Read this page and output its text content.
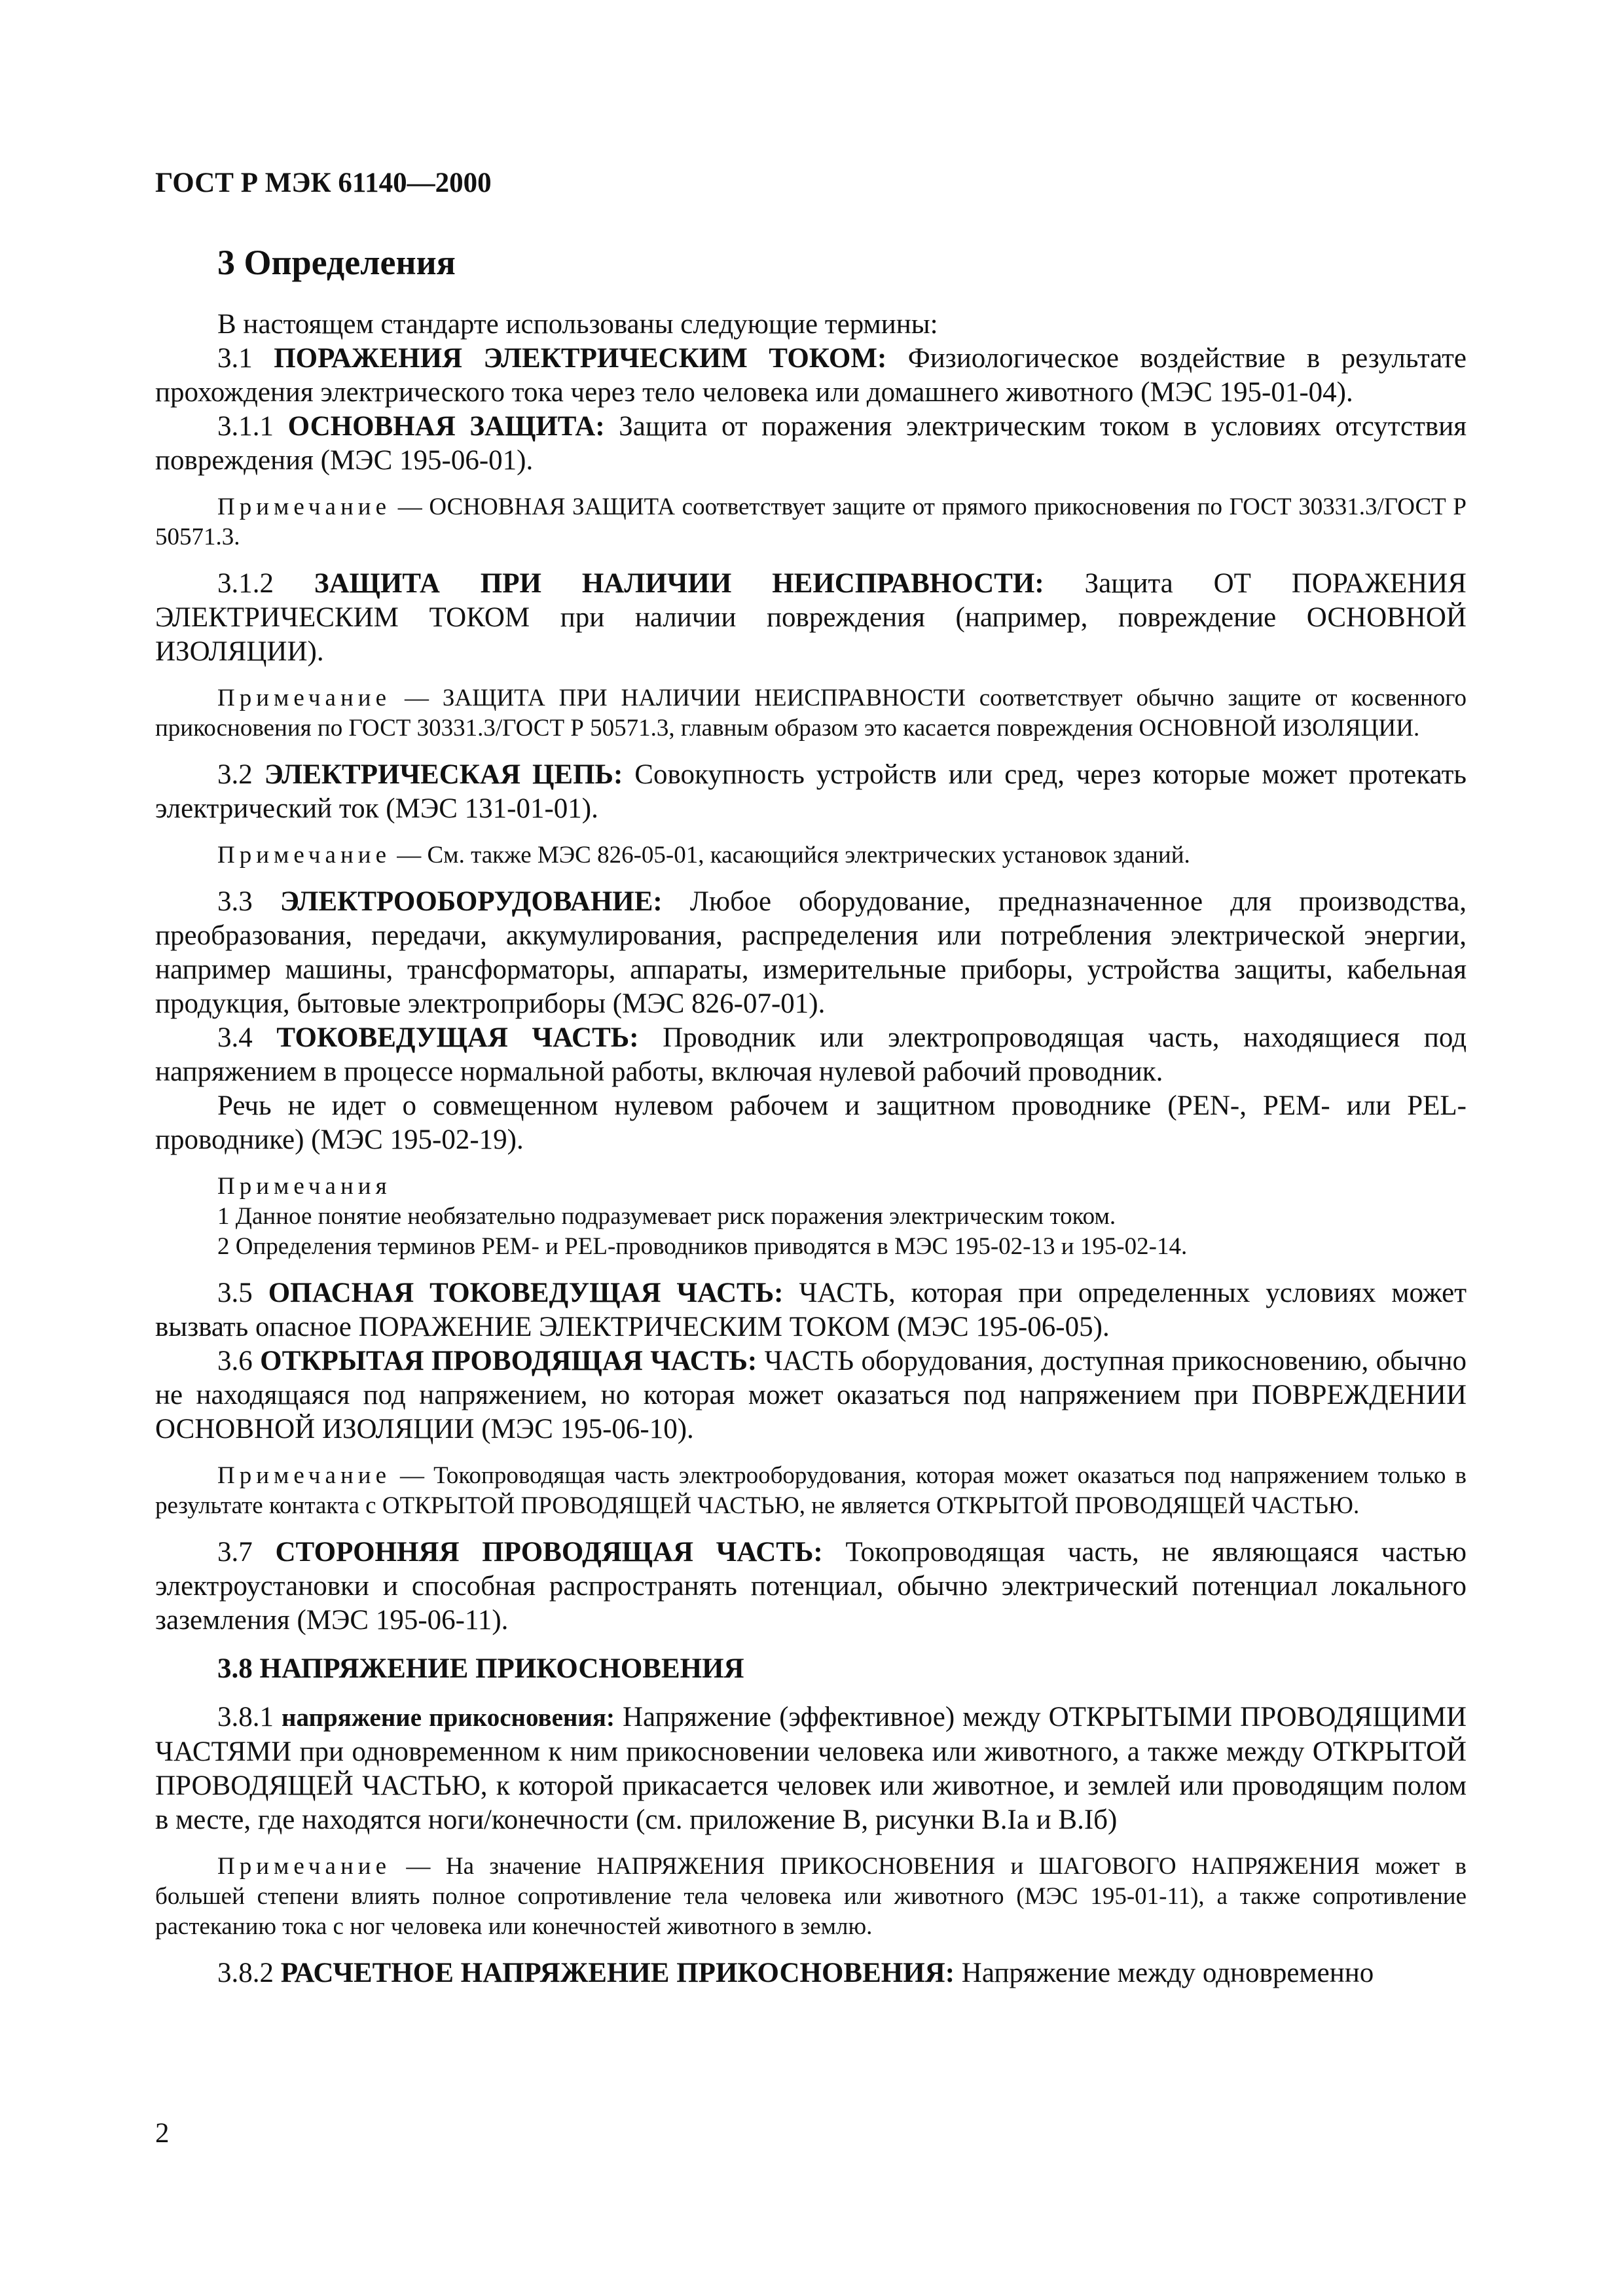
ГОСТ Р МЭК 61140—2000

3 Определения

В настоящем стандарте использованы следующие термины:

3.1 ПОРАЖЕНИЯ ЭЛЕКТРИЧЕСКИМ ТОКОМ: Физиологическое воздействие в результате прохождения электрического тока через тело человека или домашнего животного (МЭС 195-01-04).

3.1.1 ОСНОВНАЯ ЗАЩИТА: Защита от поражения электрическим током в условиях отсутствия повреждения (МЭС 195-06-01).

Примечание — ОСНОВНАЯ ЗАЩИТА соответствует защите от прямого прикосновения по ГОСТ 30331.3/ГОСТ Р 50571.3.

3.1.2 ЗАЩИТА ПРИ НАЛИЧИИ НЕИСПРАВНОСТИ: Защита ОТ ПОРАЖЕНИЯ ЭЛЕКТРИЧЕСКИМ ТОКОМ при наличии повреждения (например, повреждение ОСНОВНОЙ ИЗОЛЯЦИИ).

Примечание — ЗАЩИТА ПРИ НАЛИЧИИ НЕИСПРАВНОСТИ соответствует обычно защите от косвенного прикосновения по ГОСТ 30331.3/ГОСТ Р 50571.3, главным образом это касается повреждения ОСНОВНОЙ ИЗОЛЯЦИИ.

3.2 ЭЛЕКТРИЧЕСКАЯ ЦЕПЬ: Совокупность устройств или сред, через которые может протекать электрический ток (МЭС 131-01-01).

Примечание — См. также МЭС 826-05-01, касающийся электрических установок зданий.

3.3 ЭЛЕКТРООБОРУДОВАНИЕ: Любое оборудование, предназначенное для производства, преобразования, передачи, аккумулирования, распределения или потребления электрической энергии, например машины, трансформаторы, аппараты, измерительные приборы, устройства защиты, кабельная продукция, бытовые электроприборы (МЭС 826-07-01).

3.4 ТОКОВЕДУЩАЯ ЧАСТЬ: Проводник или электропроводящая часть, находящиеся под напряжением в процессе нормальной работы, включая нулевой рабочий проводник.

Речь не идет о совмещенном нулевом рабочем и защитном проводнике (PEN-, PEM- или PEL-проводнике) (МЭС 195-02-19).

Примечания

1 Данное понятие необязательно подразумевает риск поражения электрическим током.

2 Определения терминов PEM- и PEL-проводников приводятся в МЭС 195-02-13 и 195-02-14.

3.5 ОПАСНАЯ ТОКОВЕДУЩАЯ ЧАСТЬ: ЧАСТЬ, которая при определенных условиях может вызвать опасное ПОРАЖЕНИЕ ЭЛЕКТРИЧЕСКИМ ТОКОМ (МЭС 195-06-05).

3.6 ОТКРЫТАЯ ПРОВОДЯЩАЯ ЧАСТЬ: ЧАСТЬ оборудования, доступная прикосновению, обычно не находящаяся под напряжением, но которая может оказаться под напряжением при ПОВРЕЖДЕНИИ ОСНОВНОЙ ИЗОЛЯЦИИ (МЭС 195-06-10).

Примечание — Токопроводящая часть электрооборудования, которая может оказаться под напряжением только в результате контакта с ОТКРЫТОЙ ПРОВОДЯЩЕЙ ЧАСТЬЮ, не является ОТКРЫТОЙ ПРОВОДЯЩЕЙ ЧАСТЬЮ.

3.7 СТОРОННЯЯ ПРОВОДЯЩАЯ ЧАСТЬ: Токопроводящая часть, не являющаяся частью электроустановки и способная распространять потенциал, обычно электрический потенциал локального заземления (МЭС 195-06-11).

3.8 НАПРЯЖЕНИЕ ПРИКОСНОВЕНИЯ

3.8.1 напряжение прикосновения: Напряжение (эффективное) между ОТКРЫТЫМИ ПРОВОДЯЩИМИ ЧАСТЯМИ при одновременном к ним прикосновении человека или животного, а также между ОТКРЫТОЙ ПРОВОДЯЩЕЙ ЧАСТЬЮ, к которой прикасается человек или животное, и землей или проводящим полом в месте, где находятся ноги/конечности (см. приложение В, рисунки В.Iа и В.Iб)

Примечание — На значение НАПРЯЖЕНИЯ ПРИКОСНОВЕНИЯ и ШАГОВОГО НАПРЯЖЕНИЯ может в большей степени влиять полное сопротивление тела человека или животного (МЭС 195-01-11), а также сопротивление растеканию тока с ног человека или конечностей животного в землю.

3.8.2 РАСЧЕТНОЕ НАПРЯЖЕНИЕ ПРИКОСНОВЕНИЯ: Напряжение между одновременно

2
